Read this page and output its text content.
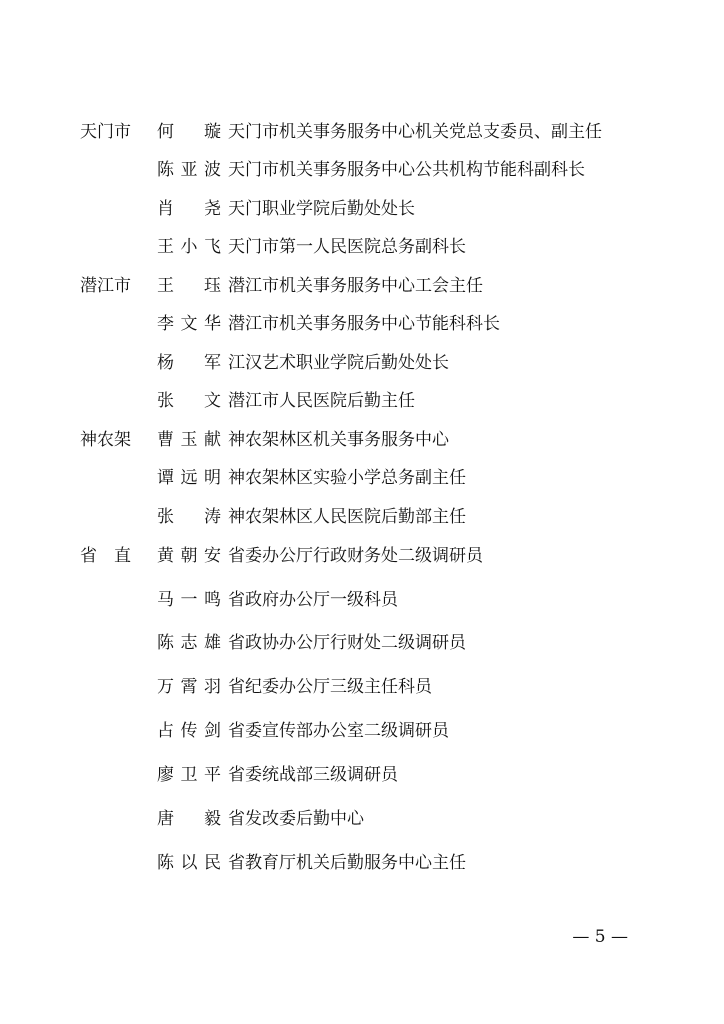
天门市	何　璇 天门市机关事务服务中心机关党总支委员、副主任
陈亚波 天门市机关事务服务中心公共机构节能科副科长
肖　尧 天门职业学院后勤处处长
王小飞 天门市第一人民医院总务副科长
潜江市	王　珏 潜江市机关事务服务中心工会主任
李文华 潜江市机关事务服务中心节能科科长
杨　军 江汉艺术职业学院后勤处处长
张　文 潜江市人民医院后勤主任
神农架	曹玉献 神农架林区机关事务服务中心
谭远明 神农架林区实验小学总务副主任
张　涛 神农架林区人民医院后勤部主任
省　直	黄朝安 省委办公厅行政财务处二级调研员
马一鸣 省政府办公厅一级科员
陈志雄 省政协办公厅行财处二级调研员
万霄羽 省纪委办公厅三级主任科员
占传剑 省委宣传部办公室二级调研员
廖卫平 省委统战部三级调研员
唐　毅 省发改委后勤中心
陈以民 省教育厅机关后勤服务中心主任
— 5 —
